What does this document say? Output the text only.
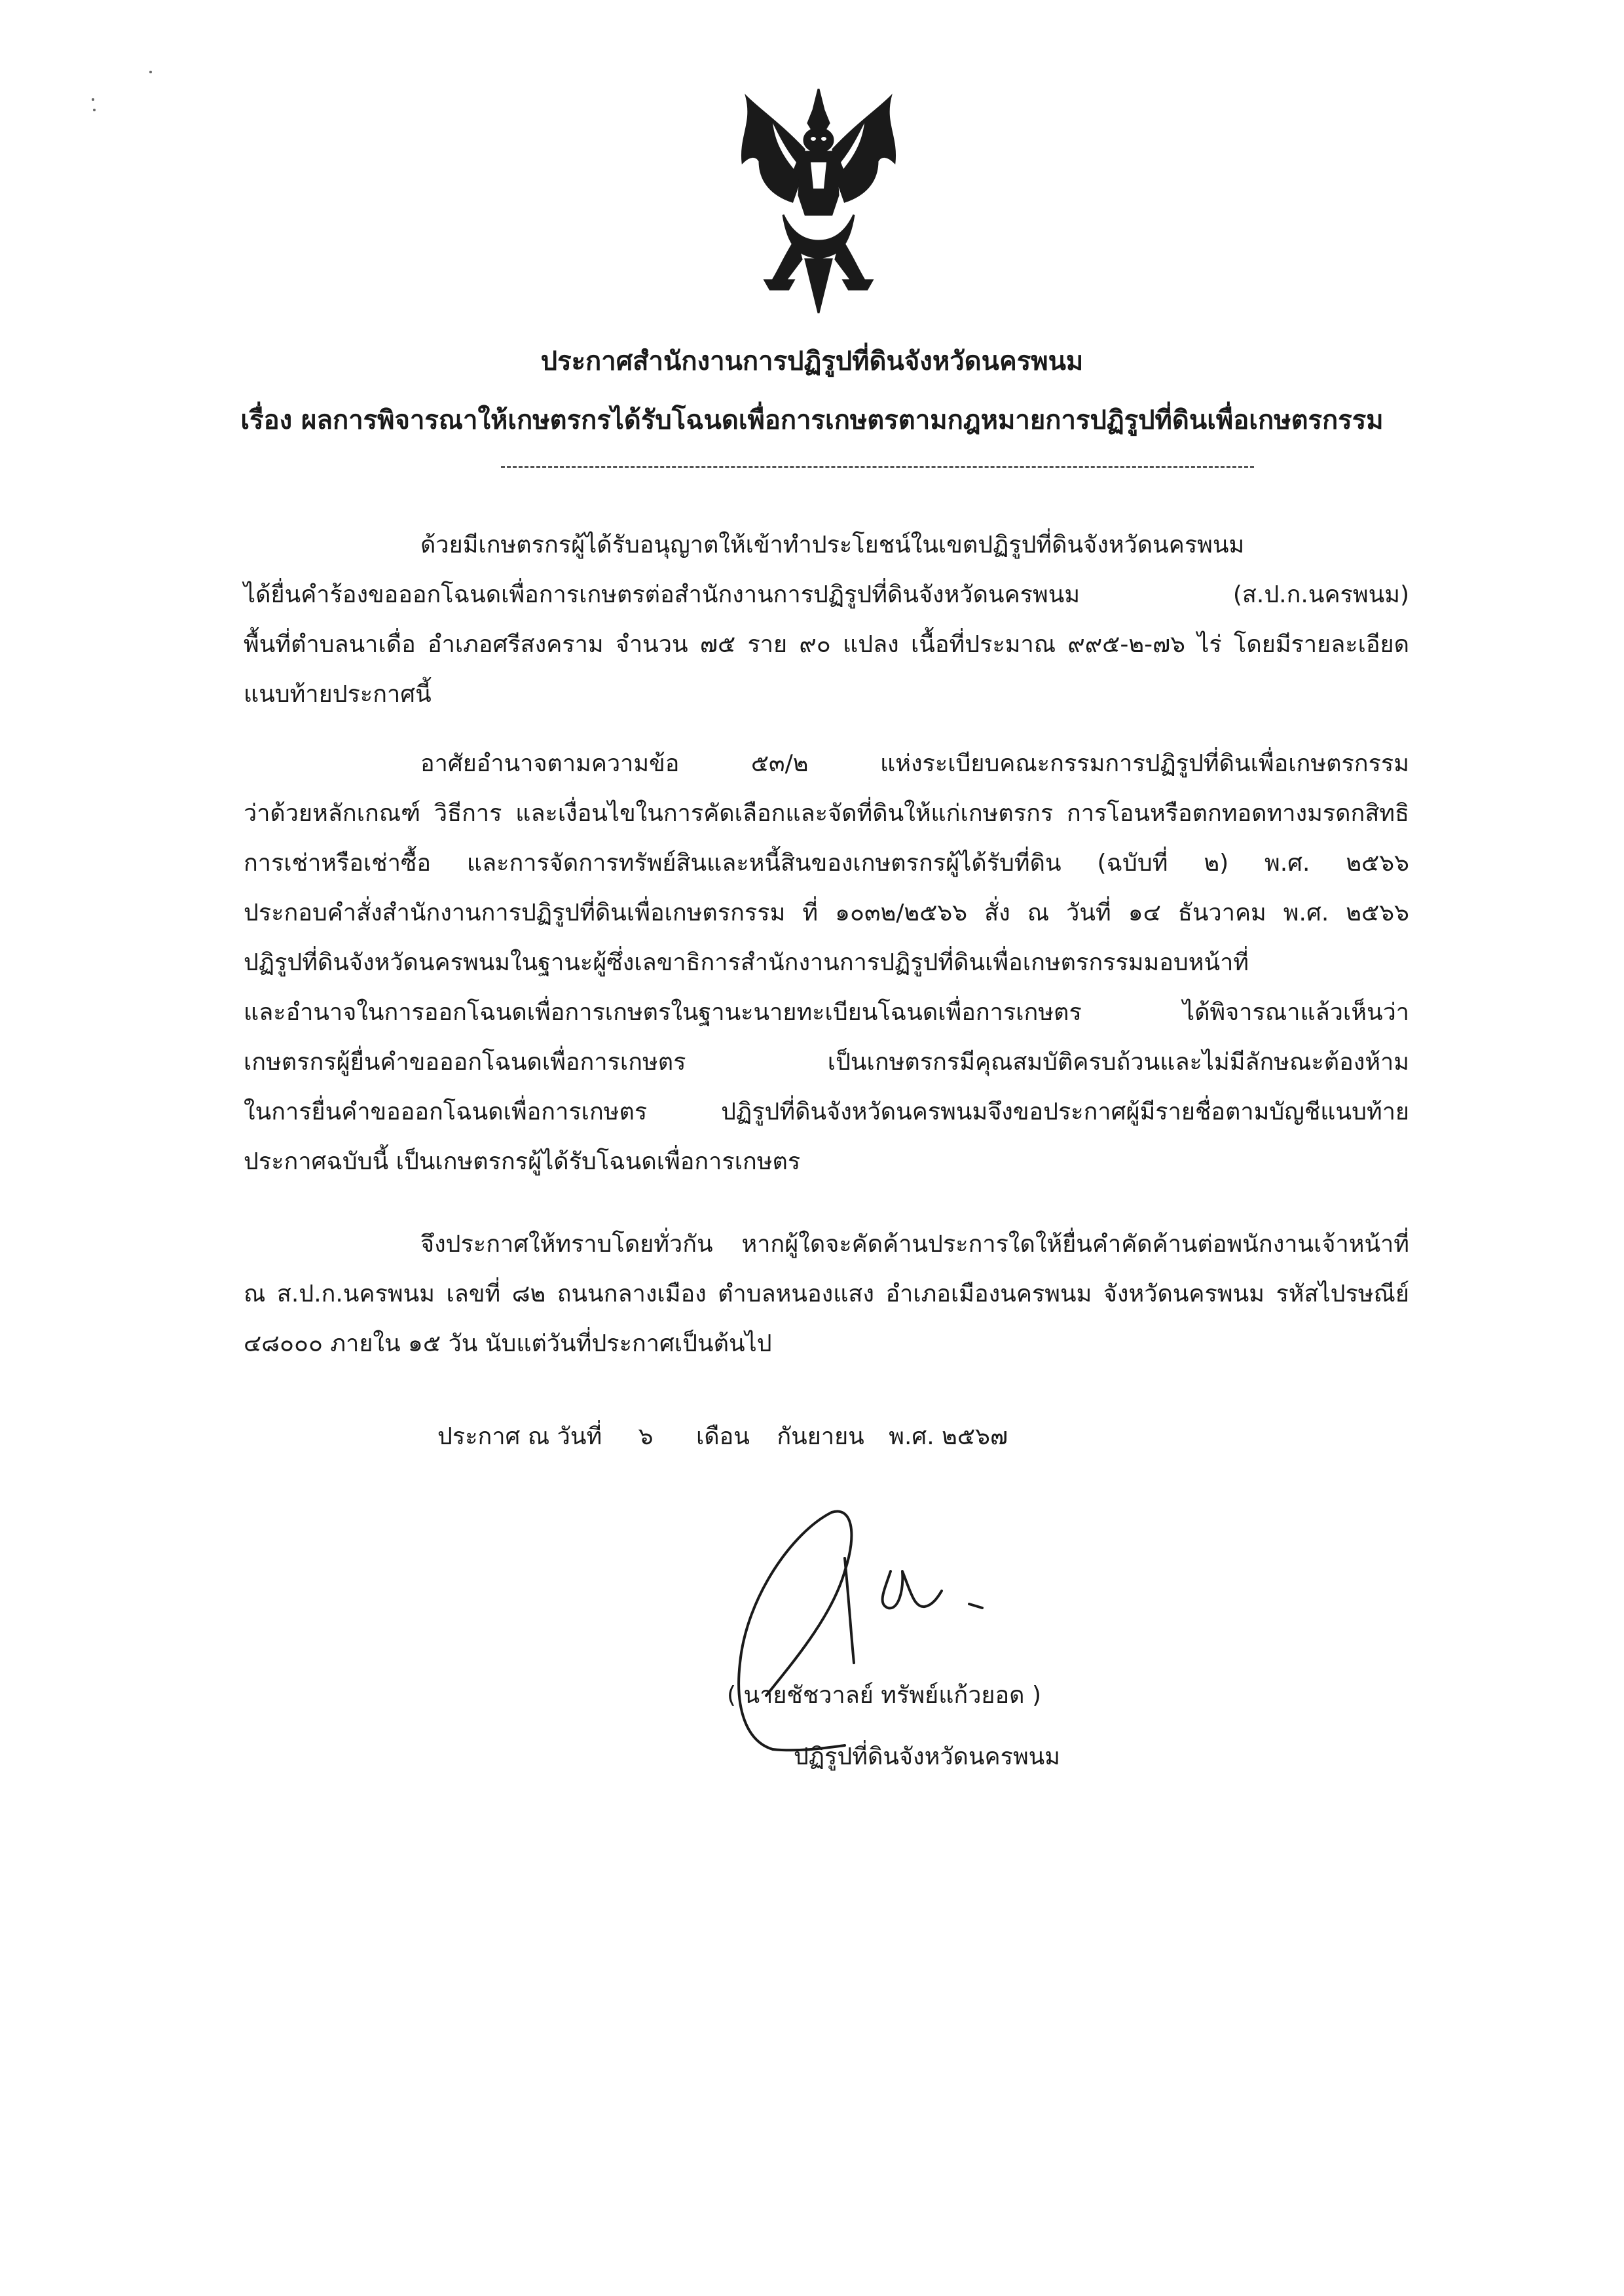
ประกาศสำนักงานการปฏิรูปที่ดินจังหวัดนครพนม
เรื่อง ผลการพิจารณาให้เกษตรกรได้รับโฉนดเพื่อการเกษตรตามกฎหมายการปฏิรูปที่ดินเพื่อเกษตรกรรม
ด้วยมีเกษตรกรผู้ได้รับอนุญาตให้เข้าทำประโยชน์ในเขตปฏิรูปที่ดินจังหวัดนครพนม
ได้ยื่นคำร้องขอออกโฉนดเพื่อการเกษตรต่อสำนักงานการปฏิรูปที่ดินจังหวัดนครพนม (ส.ป.ก.นครพนม)
พื้นที่ตำบลนาเดื่อ อำเภอศรีสงคราม จำนวน ๗๕ ราย ๙๐ แปลง เนื้อที่ประมาณ ๙๙๕-๒-๗๖ ไร่ โดยมีรายละเอียด
แนบท้ายประกาศนี้
อาศัยอำนาจตามความข้อ ๕๓/๒ แห่งระเบียบคณะกรรมการปฏิรูปที่ดินเพื่อเกษตรกรรม
ว่าด้วยหลักเกณฑ์ วิธีการ และเงื่อนไขในการคัดเลือกและจัดที่ดินให้แก่เกษตรกร การโอนหรือตกทอดทางมรดกสิทธิ
การเช่าหรือเช่าซื้อ และการจัดการทรัพย์สินและหนี้สินของเกษตรกรผู้ได้รับที่ดิน (ฉบับที่ ๒) พ.ศ. ๒๕๖๖
ประกอบคำสั่งสำนักงานการปฏิรูปที่ดินเพื่อเกษตรกรรม ที่ ๑๐๓๒/๒๕๖๖ สั่ง ณ วันที่ ๑๔ ธันวาคม พ.ศ. ๒๕๖๖
ปฏิรูปที่ดินจังหวัดนครพนมในฐานะผู้ซึ่งเลขาธิการสำนักงานการปฏิรูปที่ดินเพื่อเกษตรกรรมมอบหน้าที่
และอำนาจในการออกโฉนดเพื่อการเกษตรในฐานะนายทะเบียนโฉนดเพื่อการเกษตร ได้พิจารณาแล้วเห็นว่า
เกษตรกรผู้ยื่นคำขอออกโฉนดเพื่อการเกษตร เป็นเกษตรกรมีคุณสมบัติครบถ้วนและไม่มีลักษณะต้องห้าม
ในการยื่นคำขอออกโฉนดเพื่อการเกษตร ปฏิรูปที่ดินจังหวัดนครพนมจึงขอประกาศผู้มีรายชื่อตามบัญชีแนบท้าย
ประกาศฉบับนี้ เป็นเกษตรกรผู้ได้รับโฉนดเพื่อการเกษตร
จึงประกาศให้ทราบโดยทั่วกัน หากผู้ใดจะคัดค้านประการใดให้ยื่นคำคัดค้านต่อพนักงานเจ้าหน้าที่
ณ ส.ป.ก.นครพนม เลขที่ ๘๒ ถนนกลางเมือง ตำบลหนองแสง อำเภอเมืองนครพนม จังหวัดนครพนม รหัสไปรษณีย์
๔๘๐๐๐ ภายใน ๑๕ วัน นับแต่วันที่ประกาศเป็นต้นไป
ประกาศ ณ วันที่ ๖ เดือน กันยายน พ.ศ. ๒๕๖๗
( นายชัชวาลย์ ทรัพย์แก้วยอด )
ปฏิรูปที่ดินจังหวัดนครพนม
